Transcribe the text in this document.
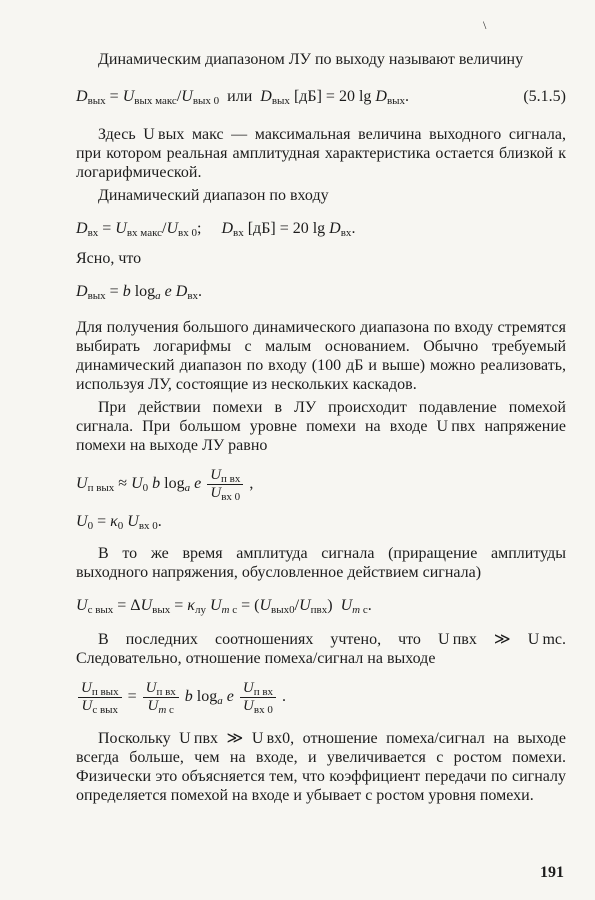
\

Динамическим диапазоном ЛУ по выходу называют величину

$D_{вых} = U_{вых макс}/U_{вых 0}$  или  $D_{вых}$ [дБ] = 20 $\lg D_{вых}$.	(5.1.5)

Здесь U вых макс — максимальная величина выходного сигнала, при котором реальная амплитудная характеристика остается близкой к логарифмической.

Динамический диапазон по входу

$D_{вх} = U_{вх макс}/U_{вх 0}$;     $D_{вх}$ [дБ] = 20 $\lg D_{вх}$.

Ясно, что

$D_{вых} = b$ $\log_a e$ $D_{вх}$.

Для получения большого динамического диапазона по входу стремятся выбирать логарифмы с малым основанием. Обычно требуемый динамический диапазон по входу (100 дБ и выше) можно реализовать, используя ЛУ, состоящие из нескольких каскадов.

При действии помехи в ЛУ происходит подавление помехой сигнала. При большом уровне помехи на входе U пвх напряжение помехи на выходе ЛУ равно

$U_{п вых} \approx U_0$ b $\log_a e \frac{U_{п вх}}{U_{вх 0}}$ ,
$U_0 = \kappa_0$ $U_{вх 0}$.

В то же время амплитуда сигнала (приращение амплитуды выходного напряжения, обусловленное действием сигнала)

$U_{с вых} = \Delta U_{вых} = \kappa_{лу}$ $U_{m с} = (U_{вых0}/U_{пвх})$  $U_{m с}$.

В последних соотношениях учтено, что U пвх ≫ U mc. Следовательно, отношение помеха/сигнал на выходе

$\frac{U_{п вых}}{U_{с вых}} = \frac{U_{п вх}}{U_{m c}}$ b $\log_a e \frac{U_{п вх}}{U_{вх 0}}$ .

Поскольку U пвх ≫ U вх0, отношение помеха/сигнал на выходе всегда больше, чем на входе, и увеличивается с ростом помехи. Физически это объясняется тем, что коэффициент передачи по сигналу определяется помехой на входе и убывает с ростом уровня помехи.

191
